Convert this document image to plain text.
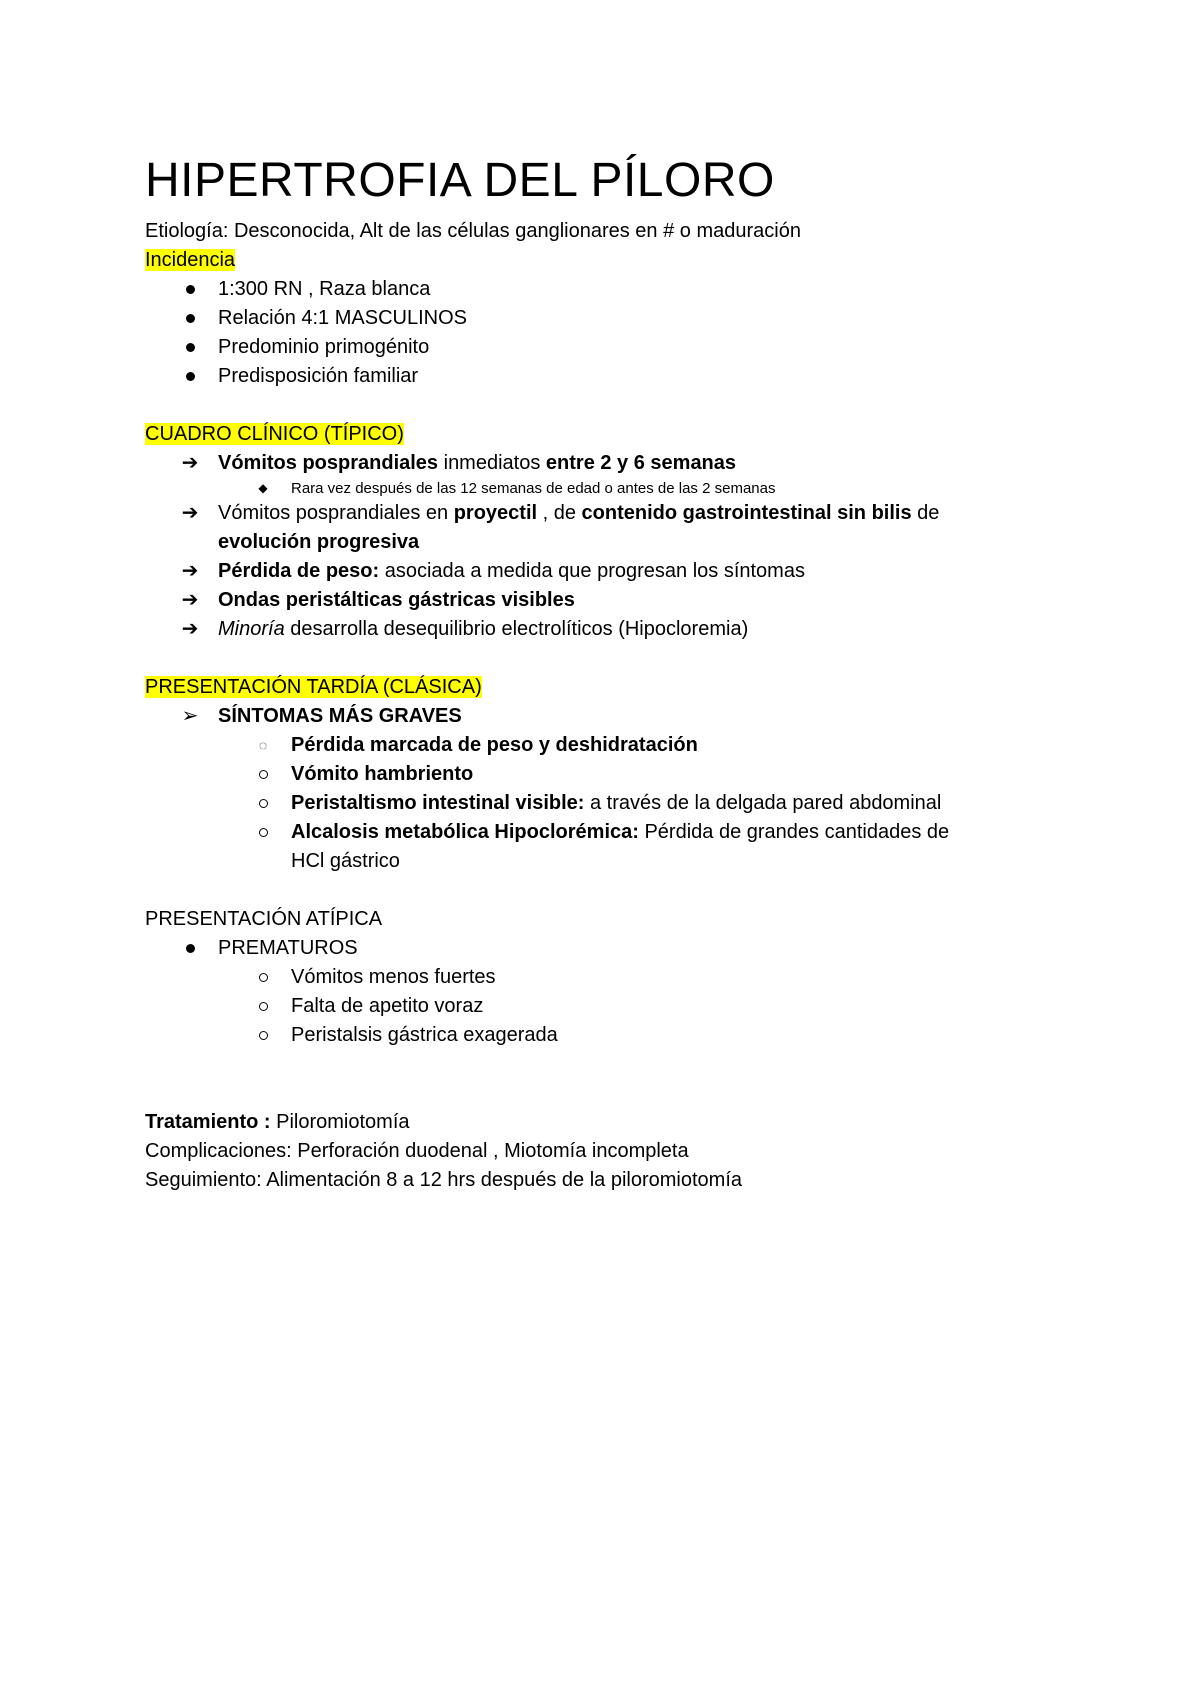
HIPERTROFIA DEL PÍLORO

Etiología: Desconocida, Alt de las células ganglionares en # o maduración

Incidencia

1:300 RN , Raza blanca
Relación 4:1 MASCULINOS
Predominio primogénito
Predisposición familiar

CUADRO CLÍNICO (TÍPICO)

➔ Vómitos posprandiales inmediatos entre 2 y 6 semanas
◆	Rara vez después de las 12 semanas de edad o antes de las 2 semanas
➔ Vómitos posprandiales en proyectil , de contenido gastrointestinal sin bilis de
evolución progresiva
➔ Pérdida de peso: asociada a medida que progresan los síntomas
➔ Ondas peristálticas gástricas visibles
➔ Minoría desarrolla desequilibrio electrolíticos (Hipocloremia)

PRESENTACIÓN TARDÍA (CLÁSICA)

➢ SÍNTOMAS MÁS GRAVES
◌ Pérdida marcada de peso y deshidratación
Vómito hambriento
Peristaltismo intestinal visible: a través de la delgada pared abdominal
Alcalosis metabólica Hipoclorémica: Pérdida de grandes cantidades de
HCl gástrico

PRESENTACIÓN ATÍPICA

PREMATUROS
Vómitos menos fuertes
Falta de apetito voraz
Peristalsis gástrica exagerada

Tratamiento : Piloromiotomía

Complicaciones: Perforación duodenal , Miotomía incompleta

Seguimiento: Alimentación 8 a 12 hrs después de la piloromiotomía
